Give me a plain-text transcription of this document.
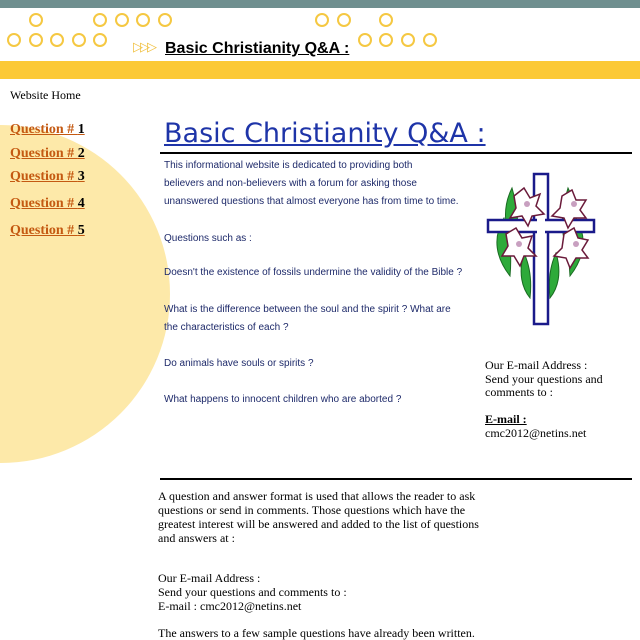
▷▷▷ Basic Christianity Q&A :
Website Home
Question # 1
Question # 2
Question # 3
Question # 4
Question # 5
Basic Christianity Q&A :
This informational website is dedicated to providing both
believers and non-believers with a forum for asking those
unanswered questions that almost everyone has from time to time.
Questions such as :
Doesn't the existence of fossils undermine the validity of the Bible ?
What is the difference between the soul and the spirit ? What are
the characteristics of each ?
Do animals have souls or spirits ?
What happens to innocent children who are aborted ?
Our E-mail Address :
Send your questions and
comments to :
E-mail :
cmc2012@netins.net
A question and answer format is used that allows the reader to ask
questions or send in comments. Those questions which have the
greatest interest will be answered and added to the list of questions
and answers at :
Our E-mail Address :
Send your questions and comments to :
E-mail : cmc2012@netins.net
The answers to a few sample questions have already been written.
